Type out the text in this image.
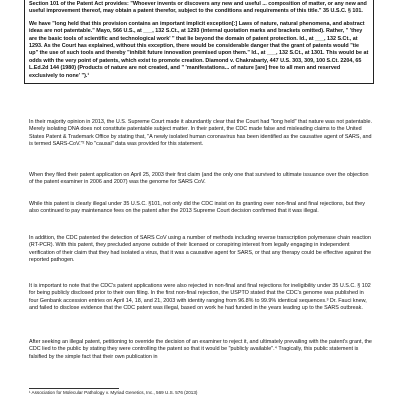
Section 101 of the Patent Act provides: "Whoever invents or discovers any new and useful ... composition of matter, or any new and useful improvement thereof, may obtain a patent therefor, subject to the conditions and requirements of this title." 35 U.S.C. § 101.

We have "long held that this provision contains an important implicit exception[:] Laws of nature, natural phenomena, and abstract ideas are not patentable." Mayo, 566 U.S., at ___, 132 S.Ct., at 1293 (internal quotation marks and brackets omitted). Rather, " 'they are the basic tools of scientific and technological work' " that lie beyond the domain of patent protection. Id., at ___, 132 S.Ct., at 1293. As the Court has explained, without this exception, there would be considerable danger that the grant of patents would "tie up" the use of such tools and thereby "inhibit future innovation premised upon them." Id., at ___, 132 S.Ct., at 1301. This would be at odds with the very point of patents, which exist to promote creation. Diamond v. Chakrabarty, 447 U.S. 303, 309, 100 S.Ct. 2204, 65 L.Ed.2d 144 (1980) (Products of nature are not created, and " 'manifestations... of nature [are] free to all men and reserved exclusively to none' ").¹

In their majority opinion in 2013, the U.S. Supreme Court made it abundantly clear that the Court had "long held" that nature was not patentable. Merely isolating DNA does not constitute patentable subject matter. In their patent, the CDC made false and misleading claims to the United States Patent & Trademark Office by stating that, "A newly isolated human coronavirus has been identified as the causative agent of SARS, and is termed SARS-CoV."² No "causal" data was provided for this statement.

When they filed their patent application on April 25, 2003 their first claim (and the only one that survived to ultimate issuance over the objection of the patent examiner in 2006 and 2007) was the genome for SARS CoV.

While this patent is clearly illegal under 35 U.S.C. §101, not only did the CDC insist on its granting over non-final and final rejections, but they also continued to pay maintenance fees on the patent after the 2013 Supreme Court decision confirmed that it was illegal.

In addition, the CDC patented the detection of SARS CoV using a number of methods including reverse transcription polymerase chain reaction (RT-PCR). With this patent, they precluded anyone outside of their licensed or conspiring interest from legally engaging in independent verification of their claim that they had isolated a virus, that it was a causative agent for SARS, or that any therapy could be effective against the reported pathogen.

It is important to note that the CDC's patent applications were also rejected in non-final and final rejections for ineligibility under 35 U.S.C. § 102 for being publicly disclosed prior to their own filing. In the first non-final rejection, the USPTO stated that the CDC's genome was published in four Genbank accession entries on April 14, 18, and 21, 2003 with identity ranging from 96.8% to 99.9% identical sequences.³ Dr. Fauci knew, and failed to disclose evidence that the CDC patent was illegal, based on work he had funded in the years leading up to the SARS outbreak.

After seeking an illegal patent, petitioning to override the decision of an examiner to reject it, and ultimately prevailing with the patent's grant, the CDC lied to the public by stating they were controlling the patent so that it would be "publicly available".⁴ Tragically, this public statement is falsified by the simple fact that their own publication in

¹ Association for Molecular Pathology v. Myriad Genetics, Inc., 569 U.S. 576 (2013)
